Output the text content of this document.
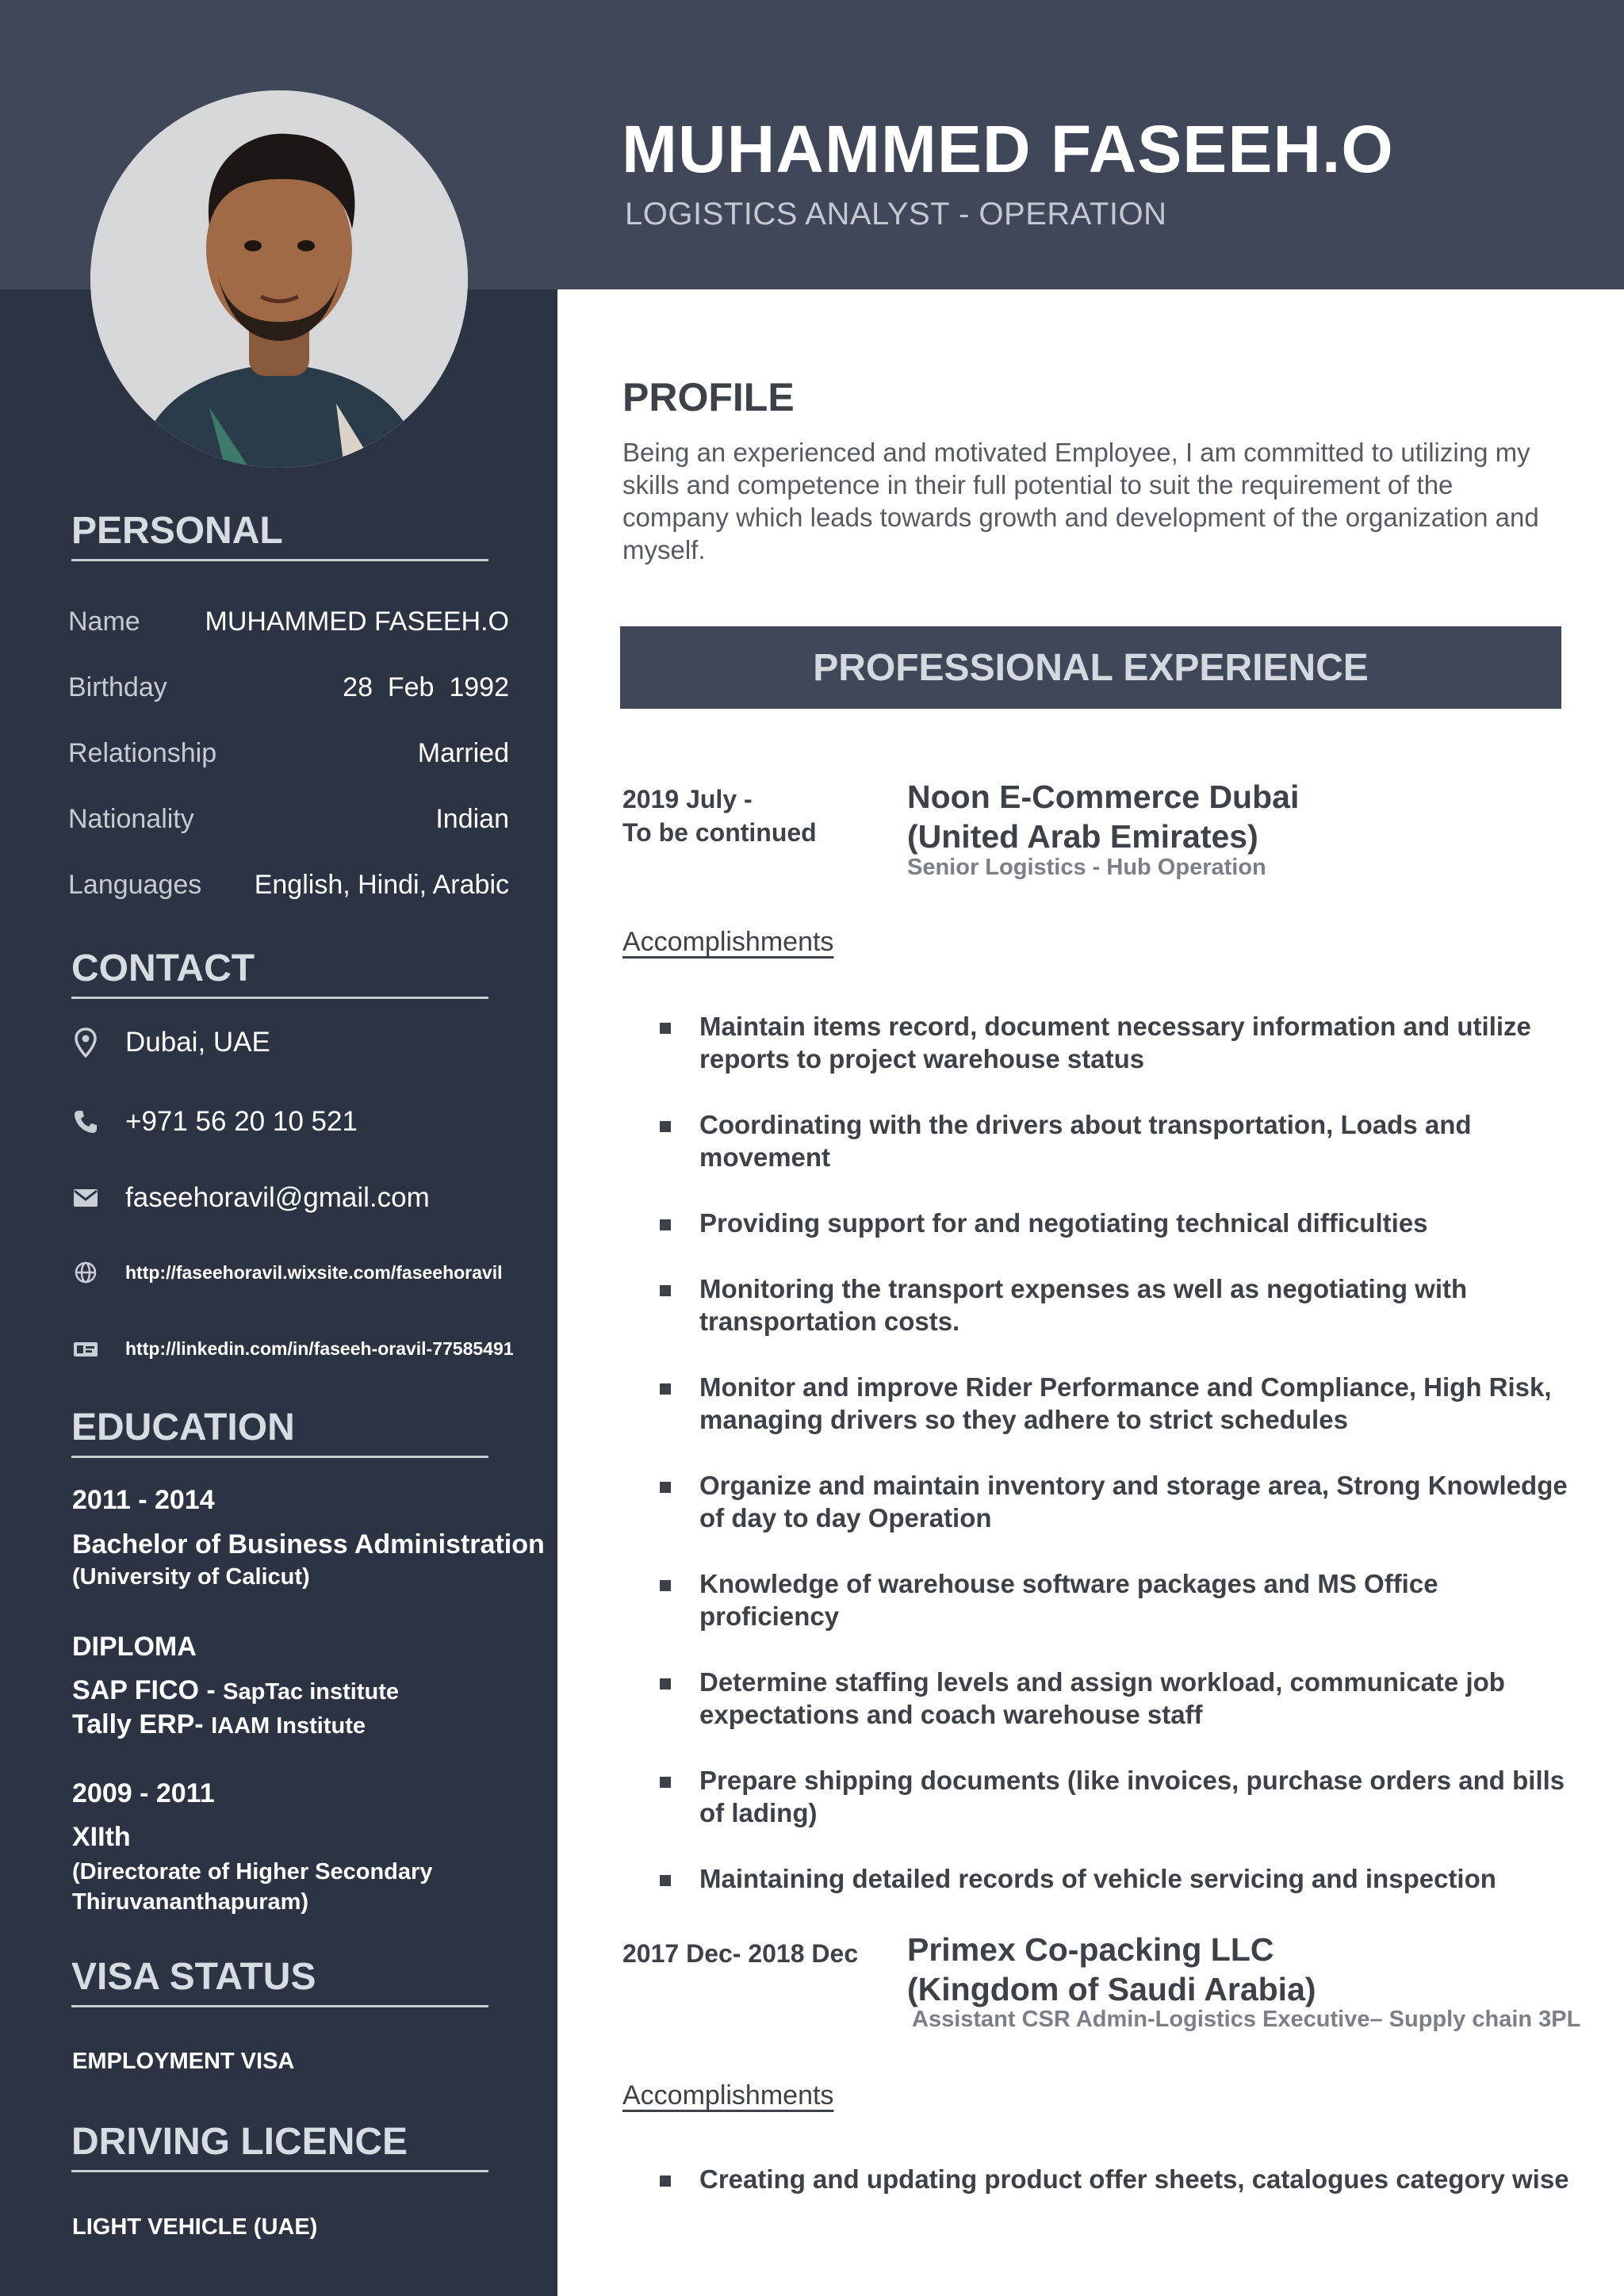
MUHAMMED FASEEH.O
LOGISTICS ANALYST - OPERATION
PERSONAL
Name MUHAMMED FASEEH.O
Birthday	28  Feb  1992
Relationship	Married
Nationality	Indian
Languages English, Hindi, Arabic
CONTACT
Dubai, UAE
+971 56 20 10 521
faseehoravil@gmail.com
http://faseehoravil.wixsite.com/faseehoravil
http://linkedin.com/in/faseeh-oravil-77585491
EDUCATION
2011 - 2014
Bachelor of Business Administration
(University of Calicut)
DIPLOMA
SAP FICO - SapTac institute
Tally ERP- IAAM Institute
2009 - 2011
XIIth
(Directorate of Higher Secondary
Thiruvananthapuram)
VISA STATUS
EMPLOYMENT VISA
DRIVING LICENCE
LIGHT VEHICLE (UAE)
PROFILE
Being an experienced and motivated Employee, I am committed to utilizing my skills and competence in their full potential to suit the requirement of the company which leads towards growth and development of the organization and myself.
PROFESSIONAL EXPERIENCE
2019 July -
To be continued
Noon E-Commerce Dubai
(United Arab Emirates)
Senior Logistics - Hub Operation
Accomplishments
Maintain items record, document necessary information and utilize reports to project warehouse status
Coordinating with the drivers about transportation, Loads and movement
Providing support for and negotiating technical difficulties
Monitoring the transport expenses as well as negotiating with transportation costs.
Monitor and improve Rider Performance and Compliance, High Risk, managing drivers so they adhere to strict schedules
Organize and maintain inventory and storage area, Strong Knowledge of day to day Operation
Knowledge of warehouse software packages and MS Office proficiency
Determine staffing levels and assign workload, communicate job expectations and coach warehouse staff
Prepare shipping documents (like invoices, purchase orders and bills of lading)
Maintaining detailed records of vehicle servicing and inspection
2017 Dec- 2018 Dec Primex Co-packing LLC
(Kingdom of Saudi Arabia)
Assistant CSR Admin-Logistics Executive– Supply chain 3PL
Accomplishments
Creating and updating product offer sheets, catalogues category wise
